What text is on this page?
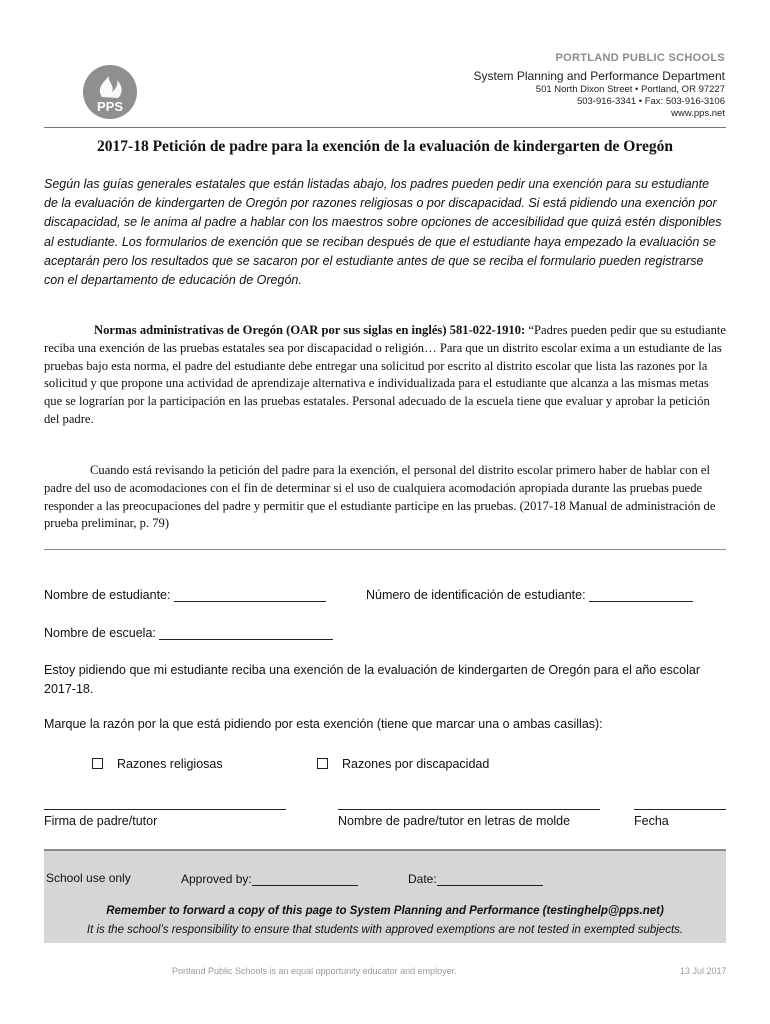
PPS
PORTLAND PUBLIC SCHOOLS
System Planning and Performance Department
501 North Dixon Street • Portland, OR 97227
503-916-3341 • Fax: 503-916-3106
www.pps.net
2017-18 Petición de padre para la exención de la evaluación de kindergarten de Oregón
Según las guías generales estatales que están listadas abajo, los padres pueden pedir una exención para su estudiante de la evaluación de kindergarten de Oregón por razones religiosas o por discapacidad. Si está pidiendo una exención por discapacidad, se le anima al padre a hablar con los maestros sobre opciones de accesibilidad que quizá estén disponibles al estudiante. Los formularios de exención que se reciban después de que el estudiante haya empezado la evaluación se aceptarán pero los resultados que se sacaron por el estudiante antes de que se reciba el formulario pueden registrarse con el departamento de educación de Oregón.
Normas administrativas de Oregón (OAR por sus siglas en inglés) 581-022-1910: “Padres pueden pedir que su estudiante reciba una exención de las pruebas estatales sea por discapacidad o religión… Para que un distrito escolar exima a un estudiante de las pruebas bajo esta norma, el padre del estudiante debe entregar una solicitud por escrito al distrito escolar que lista las razones por la solicitud y que propone una actividad de aprendizaje alternativa e individualizada para el estudiante que alcanza a las mismas metas que se lograrían por la participación en las pruebas estatales. Personal adecuado de la escuela tiene que evaluar y aprobar la petición del padre.
Cuando está revisando la petición del padre para la exención, el personal del distrito escolar primero haber de hablar con el padre del uso de acomodaciones con el fin de determinar si el uso de cualquiera acomodación apropiada durante las pruebas puede responder a las preocupaciones del padre y permitir que el estudiante participe en las pruebas. (2017-18 Manual de administración de prueba preliminar, p. 79)
Nombre de estudiante:	Número de identificación de estudiante:
Nombre de escuela:
Estoy pidiendo que mi estudiante reciba una exención de la evaluación de kindergarten de Oregón para el año escolar 2017-18.
Marque la razón por la que está pidiendo por esta exención (tiene que marcar una o ambas casillas):
Razones religiosas	Razones por discapacidad
Firma de padre/tutor	Nombre de padre/tutor en letras de molde	Fecha
School use only	Approved by:	Date:
Remember to forward a copy of this page to System Planning and Performance (testinghelp@pps.net)
It is the school’s responsibility to ensure that students with approved exemptions are not tested in exempted subjects.
Portland Public Schools is an equal opportunity educator and employer.	13 Jul 2017
